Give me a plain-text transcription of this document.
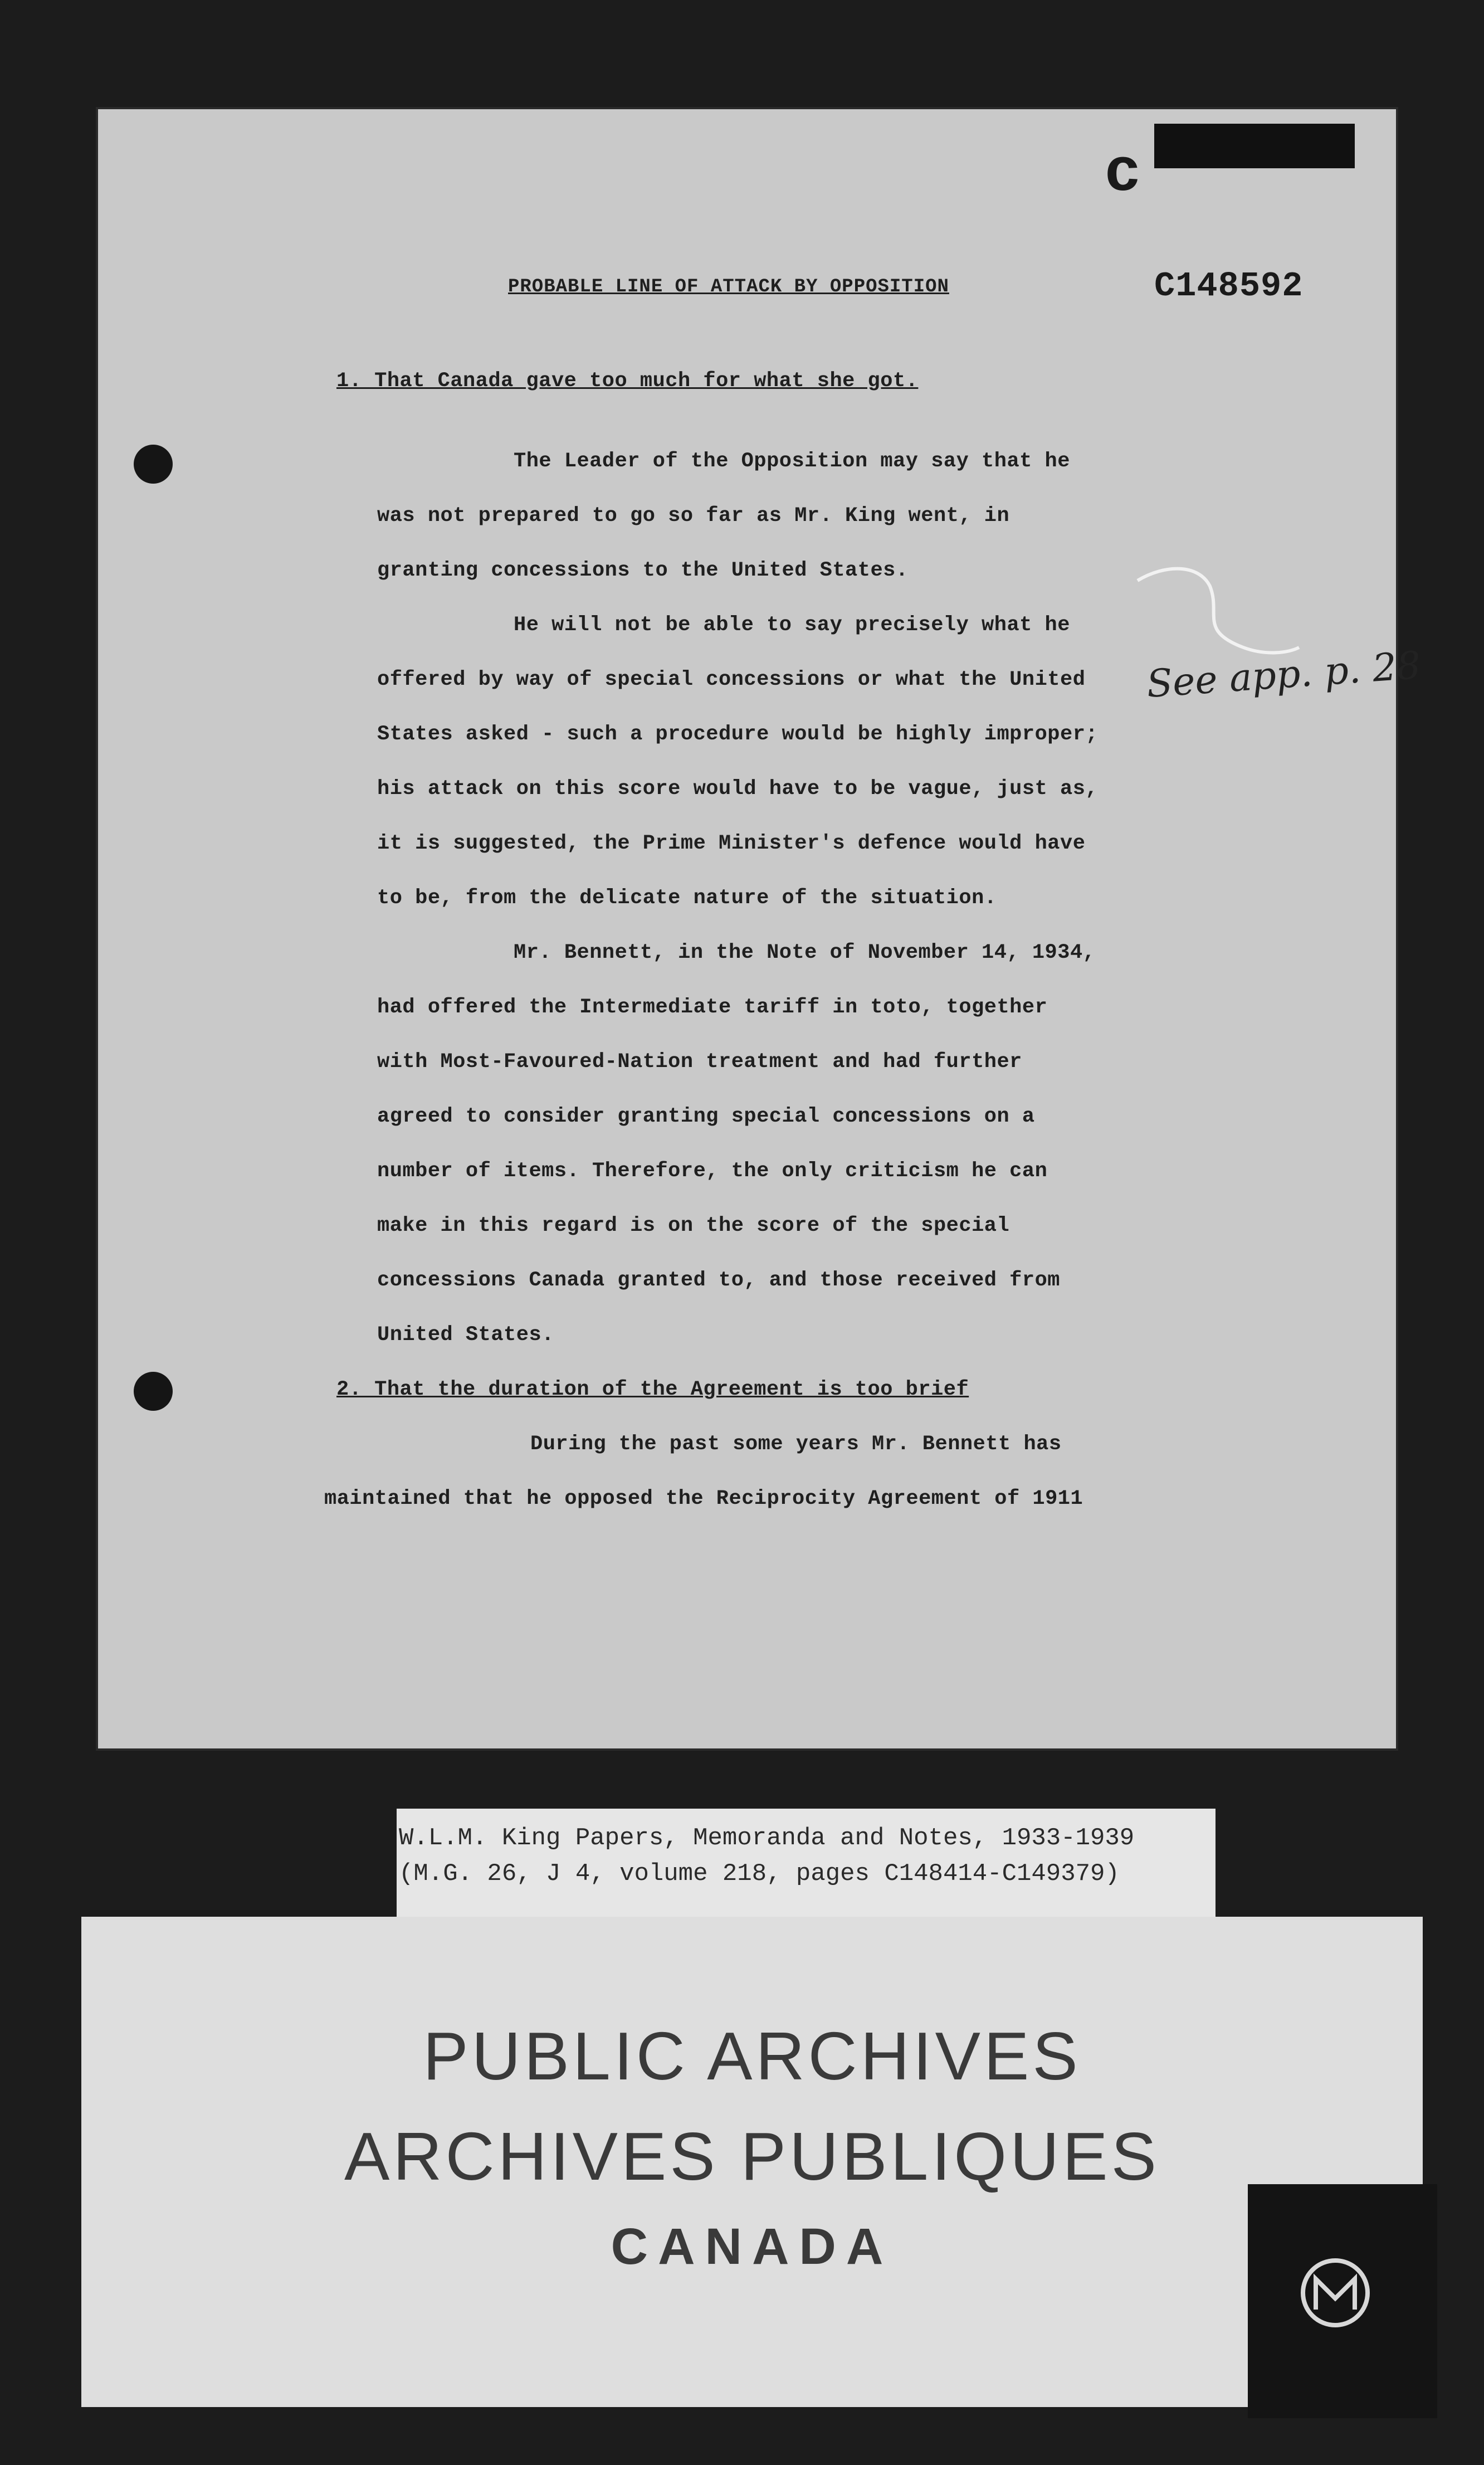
c
C148592
PROBABLE LINE OF ATTACK BY OPPOSITION
1. That Canada gave too much for what she got.
The Leader of the Opposition may say that he
was not prepared to go so far as Mr. King went, in
granting concessions to the United States.
He will not be able to say precisely what he
offered by way of special concessions or what the United
States asked - such a procedure would be highly improper;
his attack on this score would have to be vague, just as,
it is suggested, the Prime Minister's defence would have
to be, from the delicate nature of the situation.
Mr. Bennett, in the Note of November 14, 1934,
had offered the Intermediate tariff in toto, together
with Most-Favoured-Nation treatment and had further
agreed to consider granting special concessions on a
number of items. Therefore, the only criticism he can
make in this regard is on the score of the special
concessions Canada granted to, and those received from
United States.
See app. p. 28
2. That the duration of the Agreement is too brief
During the past some years Mr. Bennett has
maintained that he opposed the Reciprocity Agreement of 1911
W.L.M. King Papers, Memoranda and Notes, 1933-1939
(M.G. 26, J 4, volume 218, pages C148414-C149379)
PUBLIC ARCHIVES
ARCHIVES PUBLIQUES
CANADA
